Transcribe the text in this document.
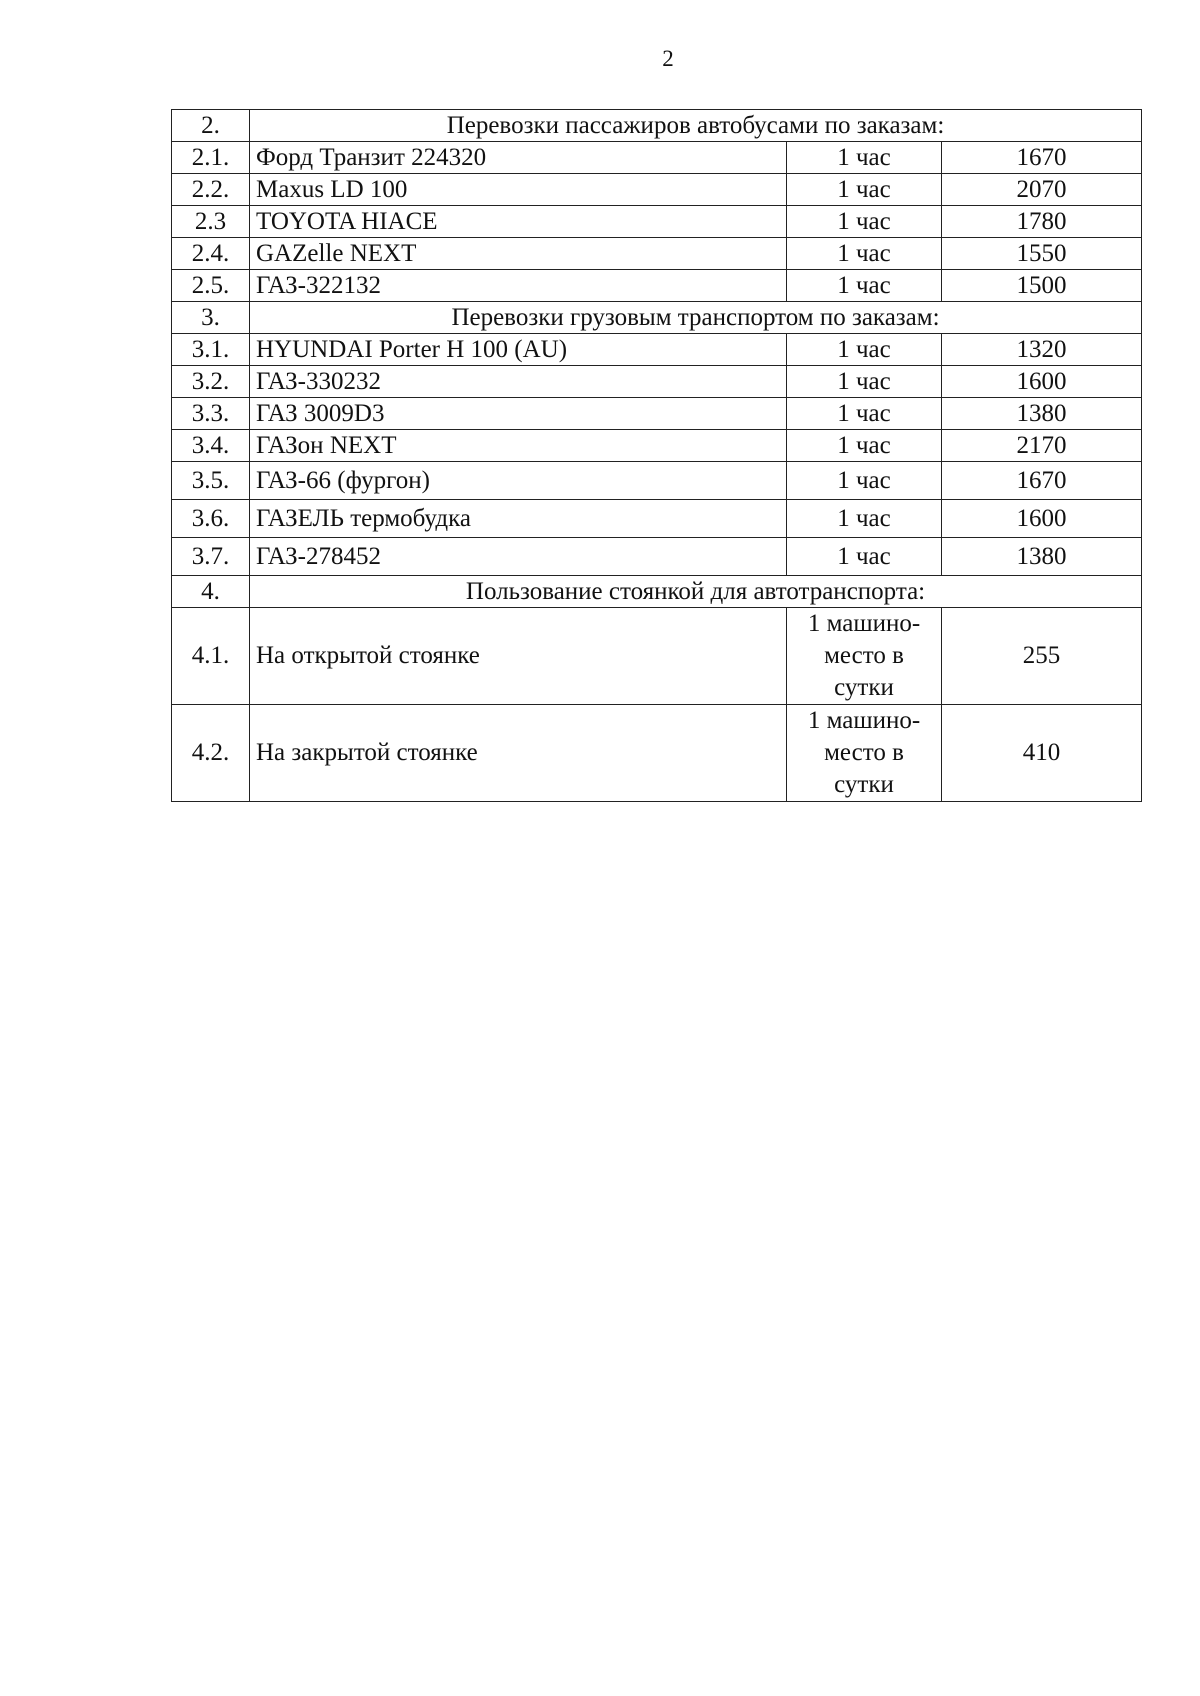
2
2.	Перевозки пассажиров автобусами по заказам:		
2.1.	Форд Транзит 224320	1 час	1670
2.2.	Maxus LD 100	1 час	2070
2.3	TOYOTA HIACE	1 час	1780
2.4.	GAZelle NEXT	1 час	1550
2.5.	ГАЗ-322132	1 час	1500
3.	Перевозки грузовым транспортом по заказам:		
3.1.	HYUNDAI Porter H 100 (AU)	1 час	1320
3.2.	ГАЗ-330232	1 час	1600
3.3.	ГАЗ 3009D3	1 час	1380
3.4.	ГАЗон NEXT	1 час	2170
3.5.	ГАЗ-66 (фургон)	1 час	1670
3.6.	ГАЗЕЛЬ термобудка	1 час	1600
3.7.	ГАЗ-278452	1 час	1380
4.	Пользование стоянкой для автотранспорта:		
4.1.	На открытой стоянке	1 машино-
место в
сутки	255
4.2.	На закрытой стоянке	1 машино-
место в
сутки	410
